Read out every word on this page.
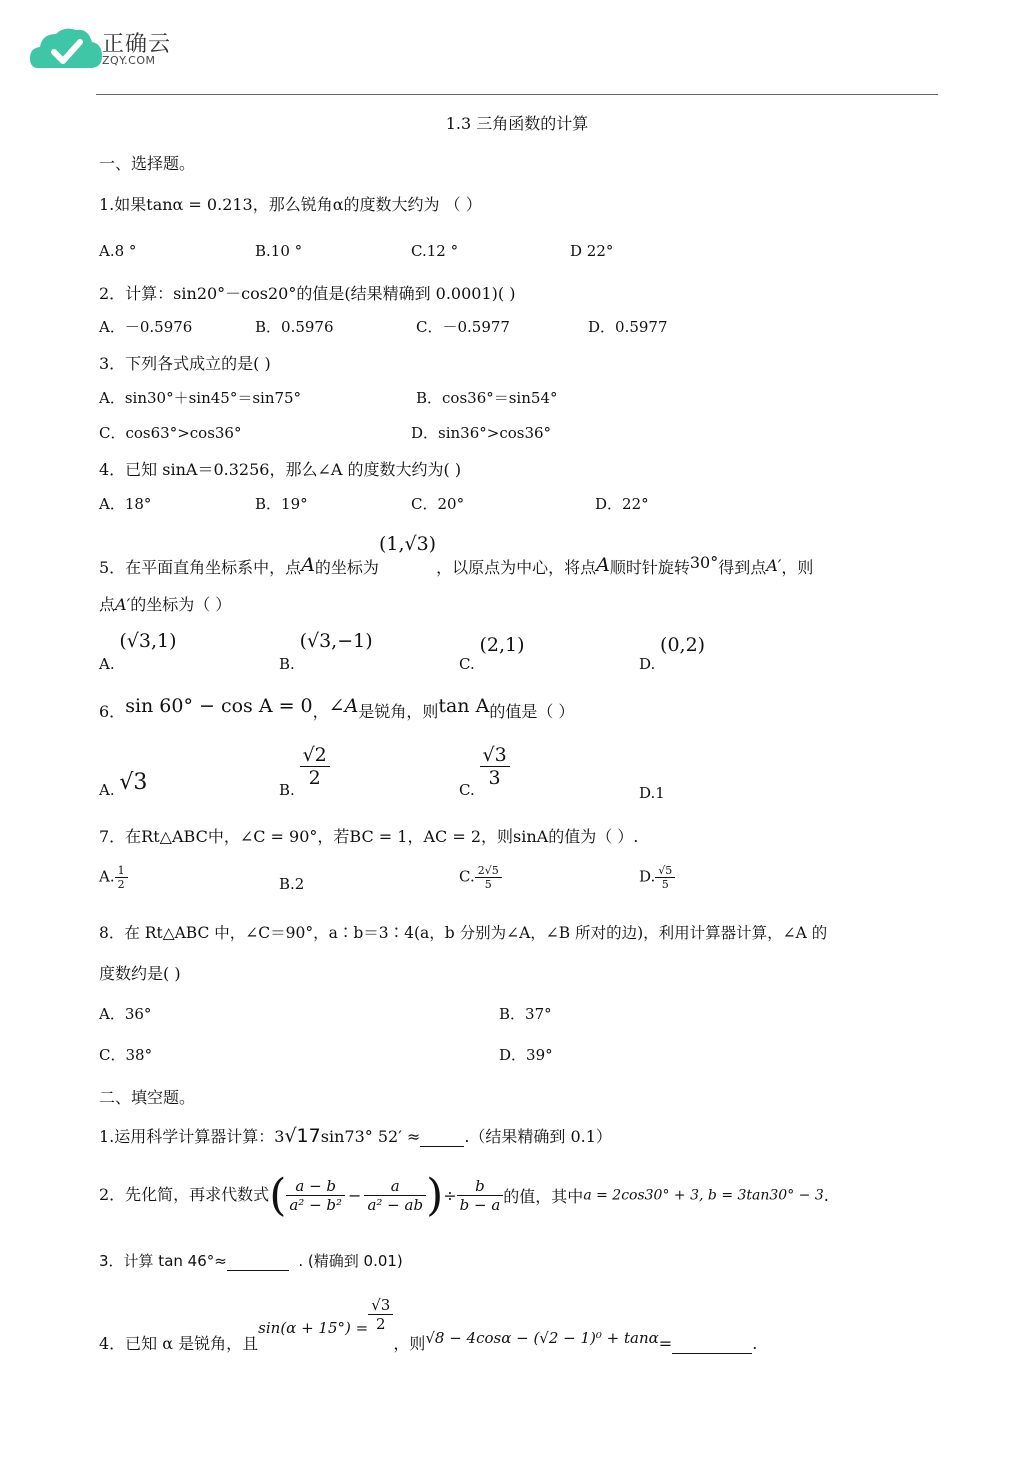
正确云
ZQY.COM
1.3 三角函数的计算
一、选择题。
1.如果tanα = 0.213，那么锐角α的度数大约为 （ ）
A.8 °	B.10 °	C.12 °	D 22°
2．计算：sin20°－cos20°的值是(结果精确到 0.0001)( )
A．－0.5976	B．0.5976	C．－0.5977	D．0.5977
3．下列各式成立的是( )
A．sin30°＋sin45°＝sin75°	B．cos36°＝sin54°
C．cos63°>cos36°	D．sin36°>cos36°
4．已知 sinA＝0.3256，那么∠A 的度数大约为( )
A．18°	B．19°	C．20°	D．22°
5．在平面直角坐标系中，点A的坐标为(1,√3)，以原点为中心，将点A顺时针旋转30°得到点A′，则
点A′的坐标为（ ）
A. (√3,1)
B. (√3,−1)
C. (2,1)
D. (0,2)
6．sin 60° − cos A = 0，∠A是锐角，则tan A的值是（ ）
A. √3	B.
$\frac{√2}{2}$
C.
$\frac{√3}{3}$
D.1
7．在Rt△ABC中，∠C = 90°，若BC = 1，AC = 2，则sinA的值为（ ）.
A. $\frac{1}{2}$	B.2	C. $\frac{2√5}{5}$	D. $\frac{√5}{5}$
8．在 Rt△ABC 中，∠C＝90°，a∶b＝3∶4(a，b 分别为∠A，∠B 所对的边)，利用计算器计算，∠A 的
度数约是( )
A．36°	B．37°
C．38°	D．39°
二、填空题。
1.运用科学计算器计算：3√17sin73° 52′ ≈	.（结果精确到 0.1）
2．先化简，再求代数式( $\frac{a - b}{\text{a² − b²}} - \frac{a}{\text{a² − ab}}$ )÷ $\frac{b}{b - a}$ 的值，其中a = 2cos30° + 3, b = 3tan30° − 3.
3．计算 tan 46°≈	. (精确到 0.01)
4．已知 α 是锐角，且$\sin(\alpha + 15^\circ) = \frac{√3}{2}$
，则√8 − 4cosα − (√2 − 1)⁰ + tanα=	.
